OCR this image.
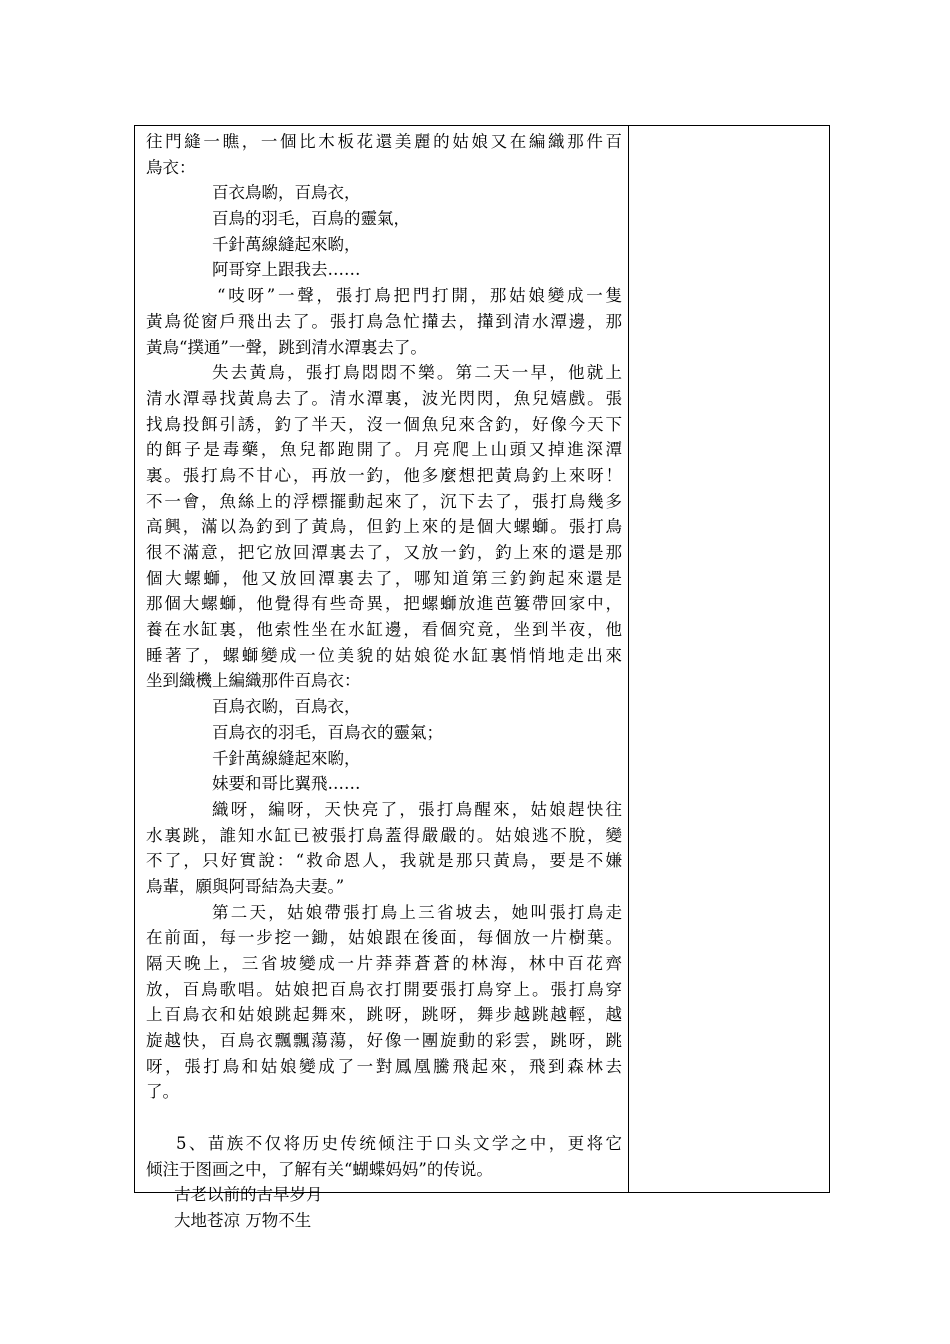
往門縫一瞧，一個比木板花還美麗的姑娘又在編織那件百
鳥衣：
百衣鳥喲，百鳥衣，
百鳥的羽毛，百鳥的靈氣，
千針萬線縫起來喲，
阿哥穿上跟我去……
“吱呀”一聲，張打鳥把門打開，那姑娘變成一隻
黃鳥從窗戶飛出去了。張打鳥急忙攆去，攆到清水潭邊，那
黃鳥“撲通”一聲，跳到清水潭裏去了。
失去黃鳥，張打鳥悶悶不樂。第二天一早，他就上
清水潭尋找黃鳥去了。清水潭裏，波光閃閃，魚兒嬉戲。張
找鳥投餌引誘，釣了半天，沒一個魚兒來含釣，好像今天下
的餌子是毒藥，魚兒都跑開了。月亮爬上山頭又掉進深潭
裏。張打鳥不甘心，再放一釣，他多麼想把黃鳥釣上來呀！
不一會，魚絲上的浮標擺動起來了，沉下去了，張打鳥幾多
高興，滿以為釣到了黃鳥，但釣上來的是個大螺螄。張打鳥
很不滿意，把它放回潭裏去了，又放一釣，釣上來的還是那
個大螺螄，他又放回潭裏去了，哪知道第三釣鉤起來還是
那個大螺螄，他覺得有些奇異，把螺螄放進芭簍帶回家中，
養在水缸裏，他索性坐在水缸邊，看個究竟，坐到半夜，他
睡著了，螺螄變成一位美貌的姑娘從水缸裏悄悄地走出來
坐到織機上編織那件百鳥衣：
百鳥衣喲，百鳥衣，
百鳥衣的羽毛，百鳥衣的靈氣；
千針萬線縫起來喲，
妹要和哥比翼飛……
織呀，編呀，天快亮了，張打鳥醒來，姑娘趕快往
水裏跳，誰知水缸已被張打鳥蓋得嚴嚴的。姑娘逃不脫，變
不了，只好實說：“救命恩人，我就是那只黃鳥，要是不嫌
鳥輩，願與阿哥結為夫妻。”
第二天，姑娘帶張打鳥上三省坡去，她叫張打鳥走
在前面，每一步挖一鋤，姑娘跟在後面，每個放一片樹葉。
隔天晚上，三省坡變成一片莽莽蒼蒼的林海，林中百花齊
放，百鳥歌唱。姑娘把百鳥衣打開要張打鳥穿上。張打鳥穿
上百鳥衣和姑娘跳起舞來，跳呀，跳呀，舞步越跳越輕，越
旋越快，百鳥衣飄飄蕩蕩，好像一團旋動的彩雲，跳呀，跳
呀，張打鳥和姑娘變成了一對鳳凰騰飛起來，飛到森林去
了。
5、苗族不仅将历史传统倾注于口头文学之中，更将它
倾注于图画之中，了解有关“蝴蝶妈妈”的传说。
古老以前的古早岁月
大地苍凉 万物不生
